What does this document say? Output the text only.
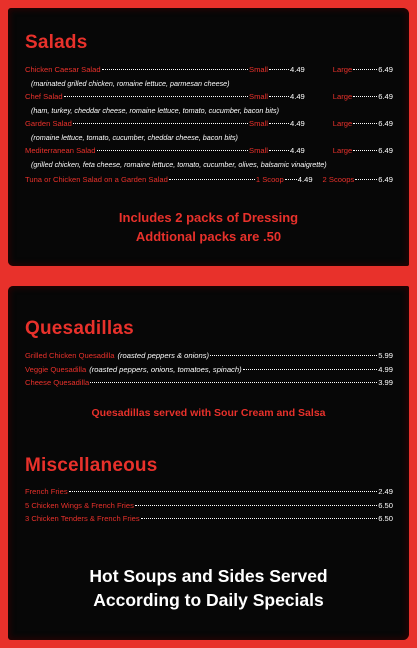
Salads
Chicken Caesar Salad	Small	4.49	Large	6.49
(marinated grilled chicken, romaine lettuce, parmesan cheese)
Chef Salad	Small	4.49	Large	6.49
(ham, turkey, cheddar cheese, romaine lettuce, tomato, cucumber, bacon bits)
Garden Salad	Small	4.49	Large	6.49
(romaine lettuce, tomato, cucumber, cheddar cheese, bacon bits)
Mediterranean Salad	Small	4.49	Large	6.49
(grilled chicken, feta cheese, romaine lettuce, tomato, cucumber, olives, balsamic vinaigrette)
Tuna or Chicken Salad on a Garden Salad	1 Scoop 4.49 2 Scoops	6.49
Includes 2 packs of Dressing
Addtional packs are .50
Quesadillas
Grilled Chicken Quesadilla (roasted peppers & onions)	5.99
Veggie Quesadilla (roasted peppers, onions, tomatoes, spinach)	4.99
Cheese Quesadilla	3.99
Quesadillas served with Sour Cream and Salsa
Miscellaneous
French Fries	2.49
5 Chicken Wings & French Fries	6.50
3 Chicken Tenders & French Fries	6.50
Hot Soups and Sides Served
According to Daily Specials
